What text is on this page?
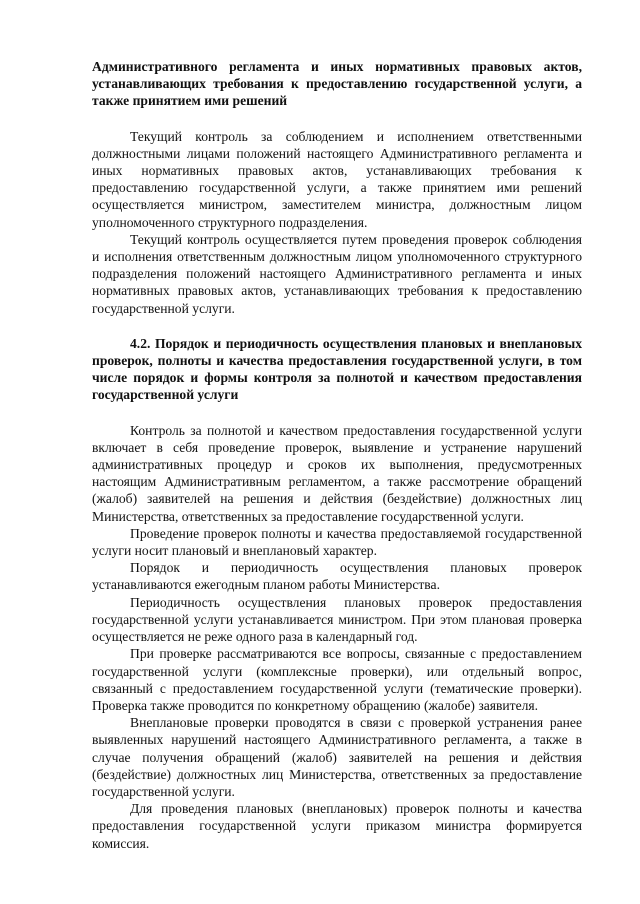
Административного регламента и иных нормативных правовых актов, устанавливающих требования к предоставлению государственной услуги, а также принятием ими решений

Текущий контроль за соблюдением и исполнением ответственными должностными лицами положений настоящего Административного регламента и иных нормативных правовых актов, устанавливающих требования к предоставлению государственной услуги, а также принятием ими решений осуществляется министром, заместителем министра, должностным лицом уполномоченного структурного подразделения.

Текущий контроль осуществляется путем проведения проверок соблюдения и исполнения ответственным должностным лицом уполномоченного структурного подразделения положений настоящего Административного регламента и иных нормативных правовых актов, устанавливающих требования к предоставлению государственной услуги.

4.2. Порядок и периодичность осуществления плановых и внеплановых проверок, полноты и качества предоставления государственной услуги, в том числе порядок и формы контроля за полнотой и качеством предоставления государственной услуги

Контроль за полнотой и качеством предоставления государственной услуги включает в себя проведение проверок, выявление и устранение нарушений административных процедур и сроков их выполнения, предусмотренных настоящим Административным регламентом, а также рассмотрение обращений (жалоб) заявителей на решения и действия (бездействие) должностных лиц Министерства, ответственных за предоставление государственной услуги.

Проведение проверок полноты и качества предоставляемой государственной услуги носит плановый и внеплановый характер.

Порядок и периодичность осуществления плановых проверок устанавливаются ежегодным планом работы Министерства.

Периодичность осуществления плановых проверок предоставления государственной услуги устанавливается министром. При этом плановая проверка осуществляется не реже одного раза в календарный год.

При проверке рассматриваются все вопросы, связанные с предоставлением государственной услуги (комплексные проверки), или отдельный вопрос, связанный с предоставлением государственной услуги (тематические проверки). Проверка также проводится по конкретному обращению (жалобе) заявителя.

Внеплановые проверки проводятся в связи с проверкой устранения ранее выявленных нарушений настоящего Административного регламента, а также в случае получения обращений (жалоб) заявителей на решения и действия (бездействие) должностных лиц Министерства, ответственных за предоставление государственной услуги.

Для проведения плановых (внеплановых) проверок полноты и качества предоставления государственной услуги приказом министра формируется комиссия.
